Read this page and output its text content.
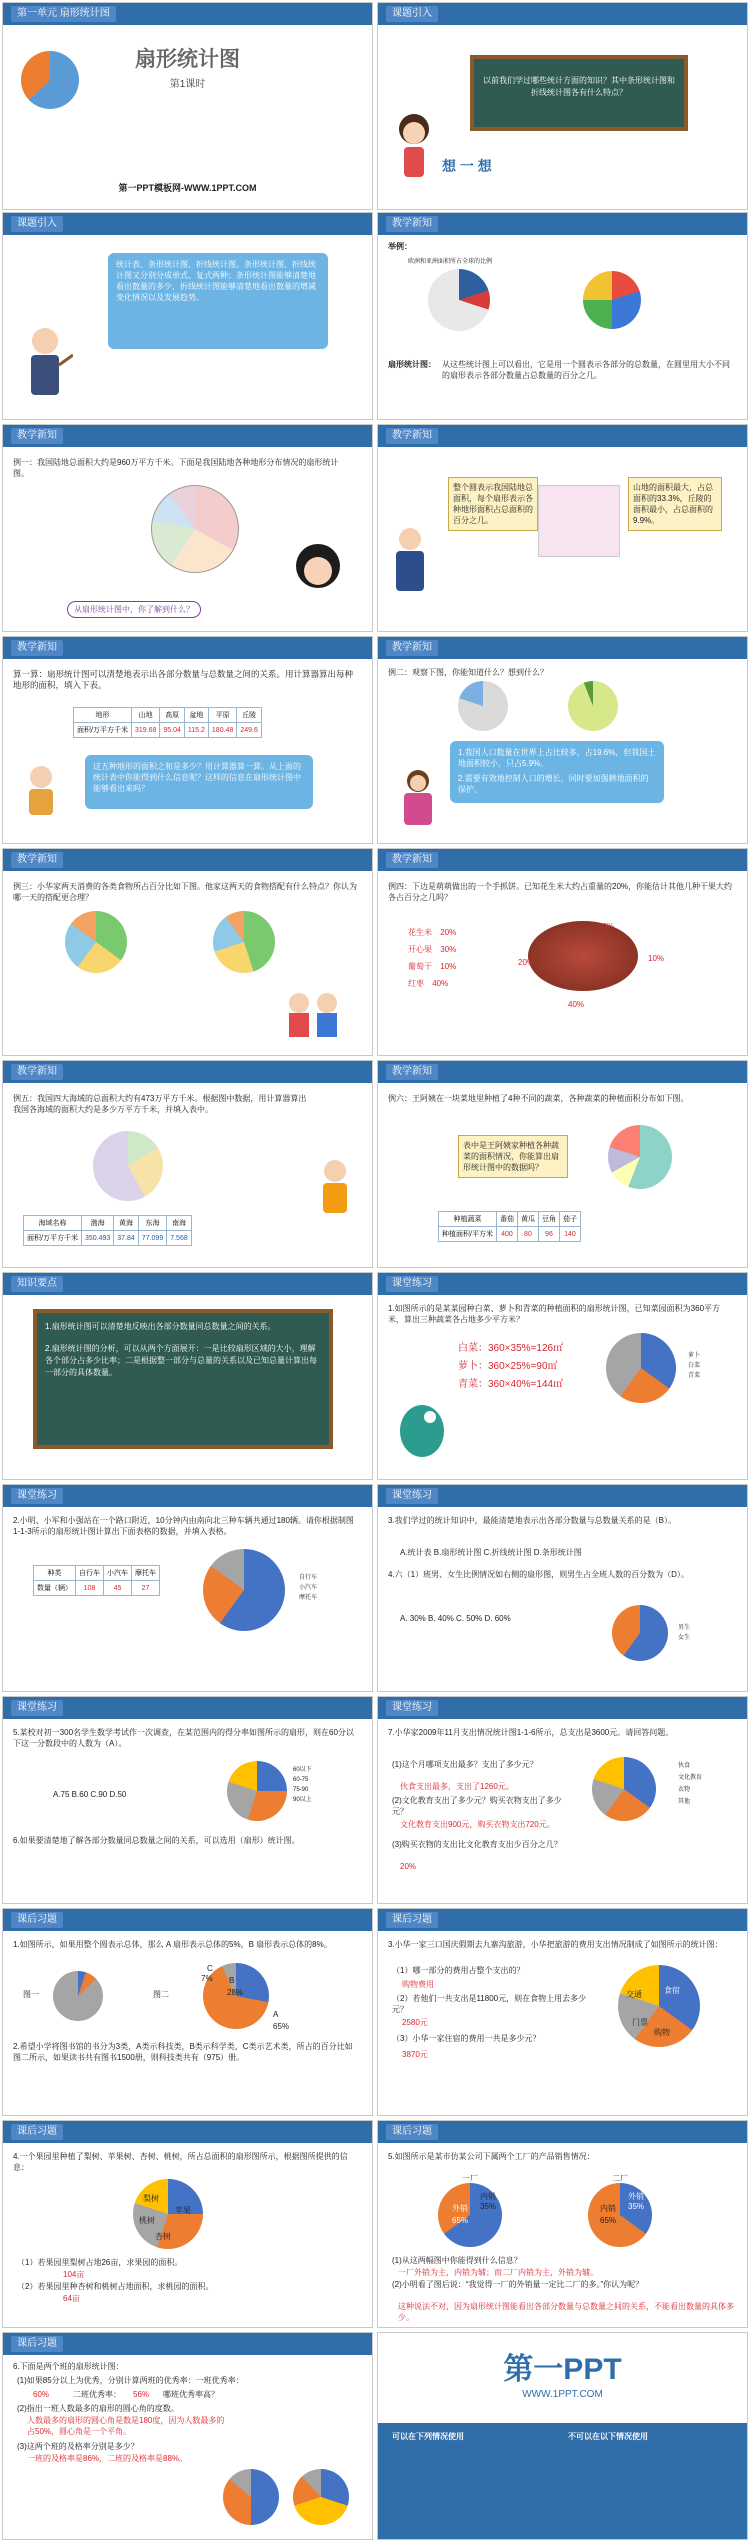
第一单元 扇形统计图
扇形统计图
第1课时
第一PPT模板网-WWW.1PPT.COM
课题引入
以前我们学过哪些统计方面的知识？其中条形统计图和折线统计图各有什么特点？
想 一 想
课题引入
统计表、条形统计图、折线统计图。条形统计图、折线统计图又分别分成单式、复式两种；条形统计图能够清楚地看出数量的多少，折线统计图能够清楚地看出数量的增减变化情况以及发展趋势。
教学新知
举例：
欧洲和亚洲面积所占全球的比例
扇形统计图： 从这些统计图上可以看出，它是用一个圆表示各部分的总数量，在圆里用大小不同的扇形表示各部分数量占总数量的百分之几。
教学新知
例一：我国陆地总面积大约是960万平方千米。下面是我国陆地各种地形分布情况的扇形统计图。
从扇形统计图中，你了解到什么？
教学新知
整个圆表示我国陆地总面积，每个扇形表示各种地形面积占总面积的百分之几。
山地的面积最大，占总面积的33.3%，丘陵的面积最小，占总面积的9.9%。
教学新知
算一算：扇形统计图可以清楚地表示出各部分数量与总数量之间的关系。用计算器算出每种地形的面积，填入下表。
地形	山地	高原	盆地	平原	丘陵
面积/万平方千米	319.68	95.04	115.2	180.48	249.6
这五种地形的面积之和是多少？用计算器算一算。从上面的统计表中你能得到什么信息呢？这样的信息在扇形统计图中能够看出来吗？
教学新知
例二：观察下图，你能知道什么？想到什么？
1.我国人口数量在世界上占比较多，占19.6%，但我国土地面积较小，只占5.9%。
2.需要有效地控制人口的增长，同时要加强耕地面积的保护。
教学新知
例三：小华家两天消费的各类食物所占百分比如下图。他家这两天的食物搭配有什么特点？你认为哪一天的搭配更合理？
教学新知
例四：下边是萌萌做出的一个手抓饼。已知花生米大约占重量的20%，你能估计其他几种干果大约各占百分之几吗？
花生米 20%
开心果 30%
葡萄干 10%
红枣 40%
30%
10%
40%
20%
教学新知
例五：我国四大海域的总面积大约有473万平方千米。根据图中数据，用计算器算出我国各海域的面积大约是多少万平方千米，并填入表中。
海域名称	渤海	黄海	东海	南海
面积/万平方千米	350.493	37.84	77.099	7.568
教学新知
例六：王阿姨在一块菜地里种植了4种不同的蔬菜，各种蔬菜的种植面积分布如下图。
表中是王阿姨家种植各种蔬菜的面积情况，你能算出扇形统计图中的数据吗？
种植蔬菜	番茄	黄瓜	豆角	茄子
种植面积/平方米	400	80	96	140
知识要点
1.扇形统计图可以清楚地反映出各部分数量同总数量之间的关系。
2.扇形统计图的分析，可以从两个方面展开：一是比较扇形区域的大小，理解各个部分占多少比率；二是根据整一部分与总量的关系以及已知总量计算出每一部分的具体数量。
课堂练习
1.如图所示的是某某园种白菜、萝卜和青菜的种植面积的扇形统计图，已知菜园面积为360平方米，算出三种蔬菜各占地多少平方米？
白菜：360×35%=126㎡
萝卜：360×25%=90㎡
青菜：360×40%=144㎡
萝卜
白菜
青菜
课堂练习
2.小明、小军和小强站在一个路口附近，10分钟内由南向北三种车辆共通过180辆。请你根据制图1-1-3所示的扇形统计图计算出下面表格的数据，并填入表格。
种类	自行车	小汽车	摩托车
数量（辆）	108	45	27
自行车
小汽车
摩托车
课堂练习
3.我们学过的统计知识中，最能清楚地表示出各部分数量与总数量关系的是（B）。
A.统计表 B.扇形统计图 C.折线统计图 D.条形统计图
4.六（1）班男、女生比例情况如右侧的扇形图，则男生占全班人数的百分数为（D）。
A. 30% B. 40% C. 50% D. 60%
男生
女生
课堂练习
5.某校对初一300名学生数学考试作一次调查，在某范围内的得分率如图所示的扇形，则在60分以下这一分数段中的人数为（A）。
A.75 B.60 C.90 D.50
60以下
60-75
75-90
90以上
6.如果要清楚地了解各部分数量同总数量之间的关系，可以选用（扇形）统计图。
课堂练习
7.小华家2009年11月支出情况统计图1-1-6所示，总支出是3600元。请回答问题。
(1)这个月哪项支出最多？支出了多少元？
伙食支出最多，支出了1260元。
(2)文化教育支出了多少元？购买衣物支出了多少元？
文化教育支出900元，购买衣物支出720元。
(3)购买衣物的支出比文化教育支出少百分之几？
20%
伙食
文化教育
衣物
其他
课后习题
1.如图所示，如果用整个圆表示总体，那么 A 扇形表示总体的5%，B 扇形表示总体的8%。
图一	图二
A
B
C
28%
65%
7%
2.希望小学将图书馆的书分为3类，A类示科技类，B类示科学类，C类示艺术类，所占的百分比如图二所示，如果读书共有图书1500册，则科技类共有（975）册。
课后习题
3.小华一家三口国庆假期去九寨沟旅游，小华把旅游的费用支出情况制成了如图所示的统计图：
（1）哪一部分的费用占整个支出的？
购物费用
（2）若他们一共支出是11800元，则在食物上用去多少元？
2580元
（3）小华一家住宿的费用一共是多少元？
3870元
食宿
交通
购物
门票
课后习题
4.一个果园里种植了梨树、苹果树、杏树、桃树，所占总面积的扇形图所示，根据图所提供的信息：
梨树
苹果
杏树
桃树
（1）若果园里梨树占地26亩，求果园的面积。
104亩
（2）若果园里种杏树和桃树占地面积，求桃园的面积。
64亩
课后习题
5.如图所示是某市仿某公司下属两个工厂的产品销售情况：
一厂
外销
65%
内销
35%
二厂
内销
65%
外销
35%
(1)从这两幅图中你能得到什么信息？
一厂外销为主，内销为辅；而二厂内销为主，外销为辅。
(2)小明看了图后说：“我觉得一厂的外销量一定比二厂的多。”你认为呢？
这种说法不对，因为扇形统计图能看出各部分数量与总数量之间的关系，不能看出数量的具体多少。
课后习题
6.下面是两个班的扇形统计图：
(1)如果85分以上为优秀，分别计算两班的优秀率：一班优秀率：
60%	二班优秀率： 56% 哪班优秀率高？
(2)指出一班人数最多的扇形的圆心角的度数。
人数最多的扇形的圆心角是数是180度，因为人数最多的占50%，圆心角是一个平角。
(3)这两个班的及格率分别是多少？
一班的及格率是86%，二班的及格率是88%。
第一PPT
WWW.1PPT.COM
可以在下列情况使用	不可以在以下情况使用
